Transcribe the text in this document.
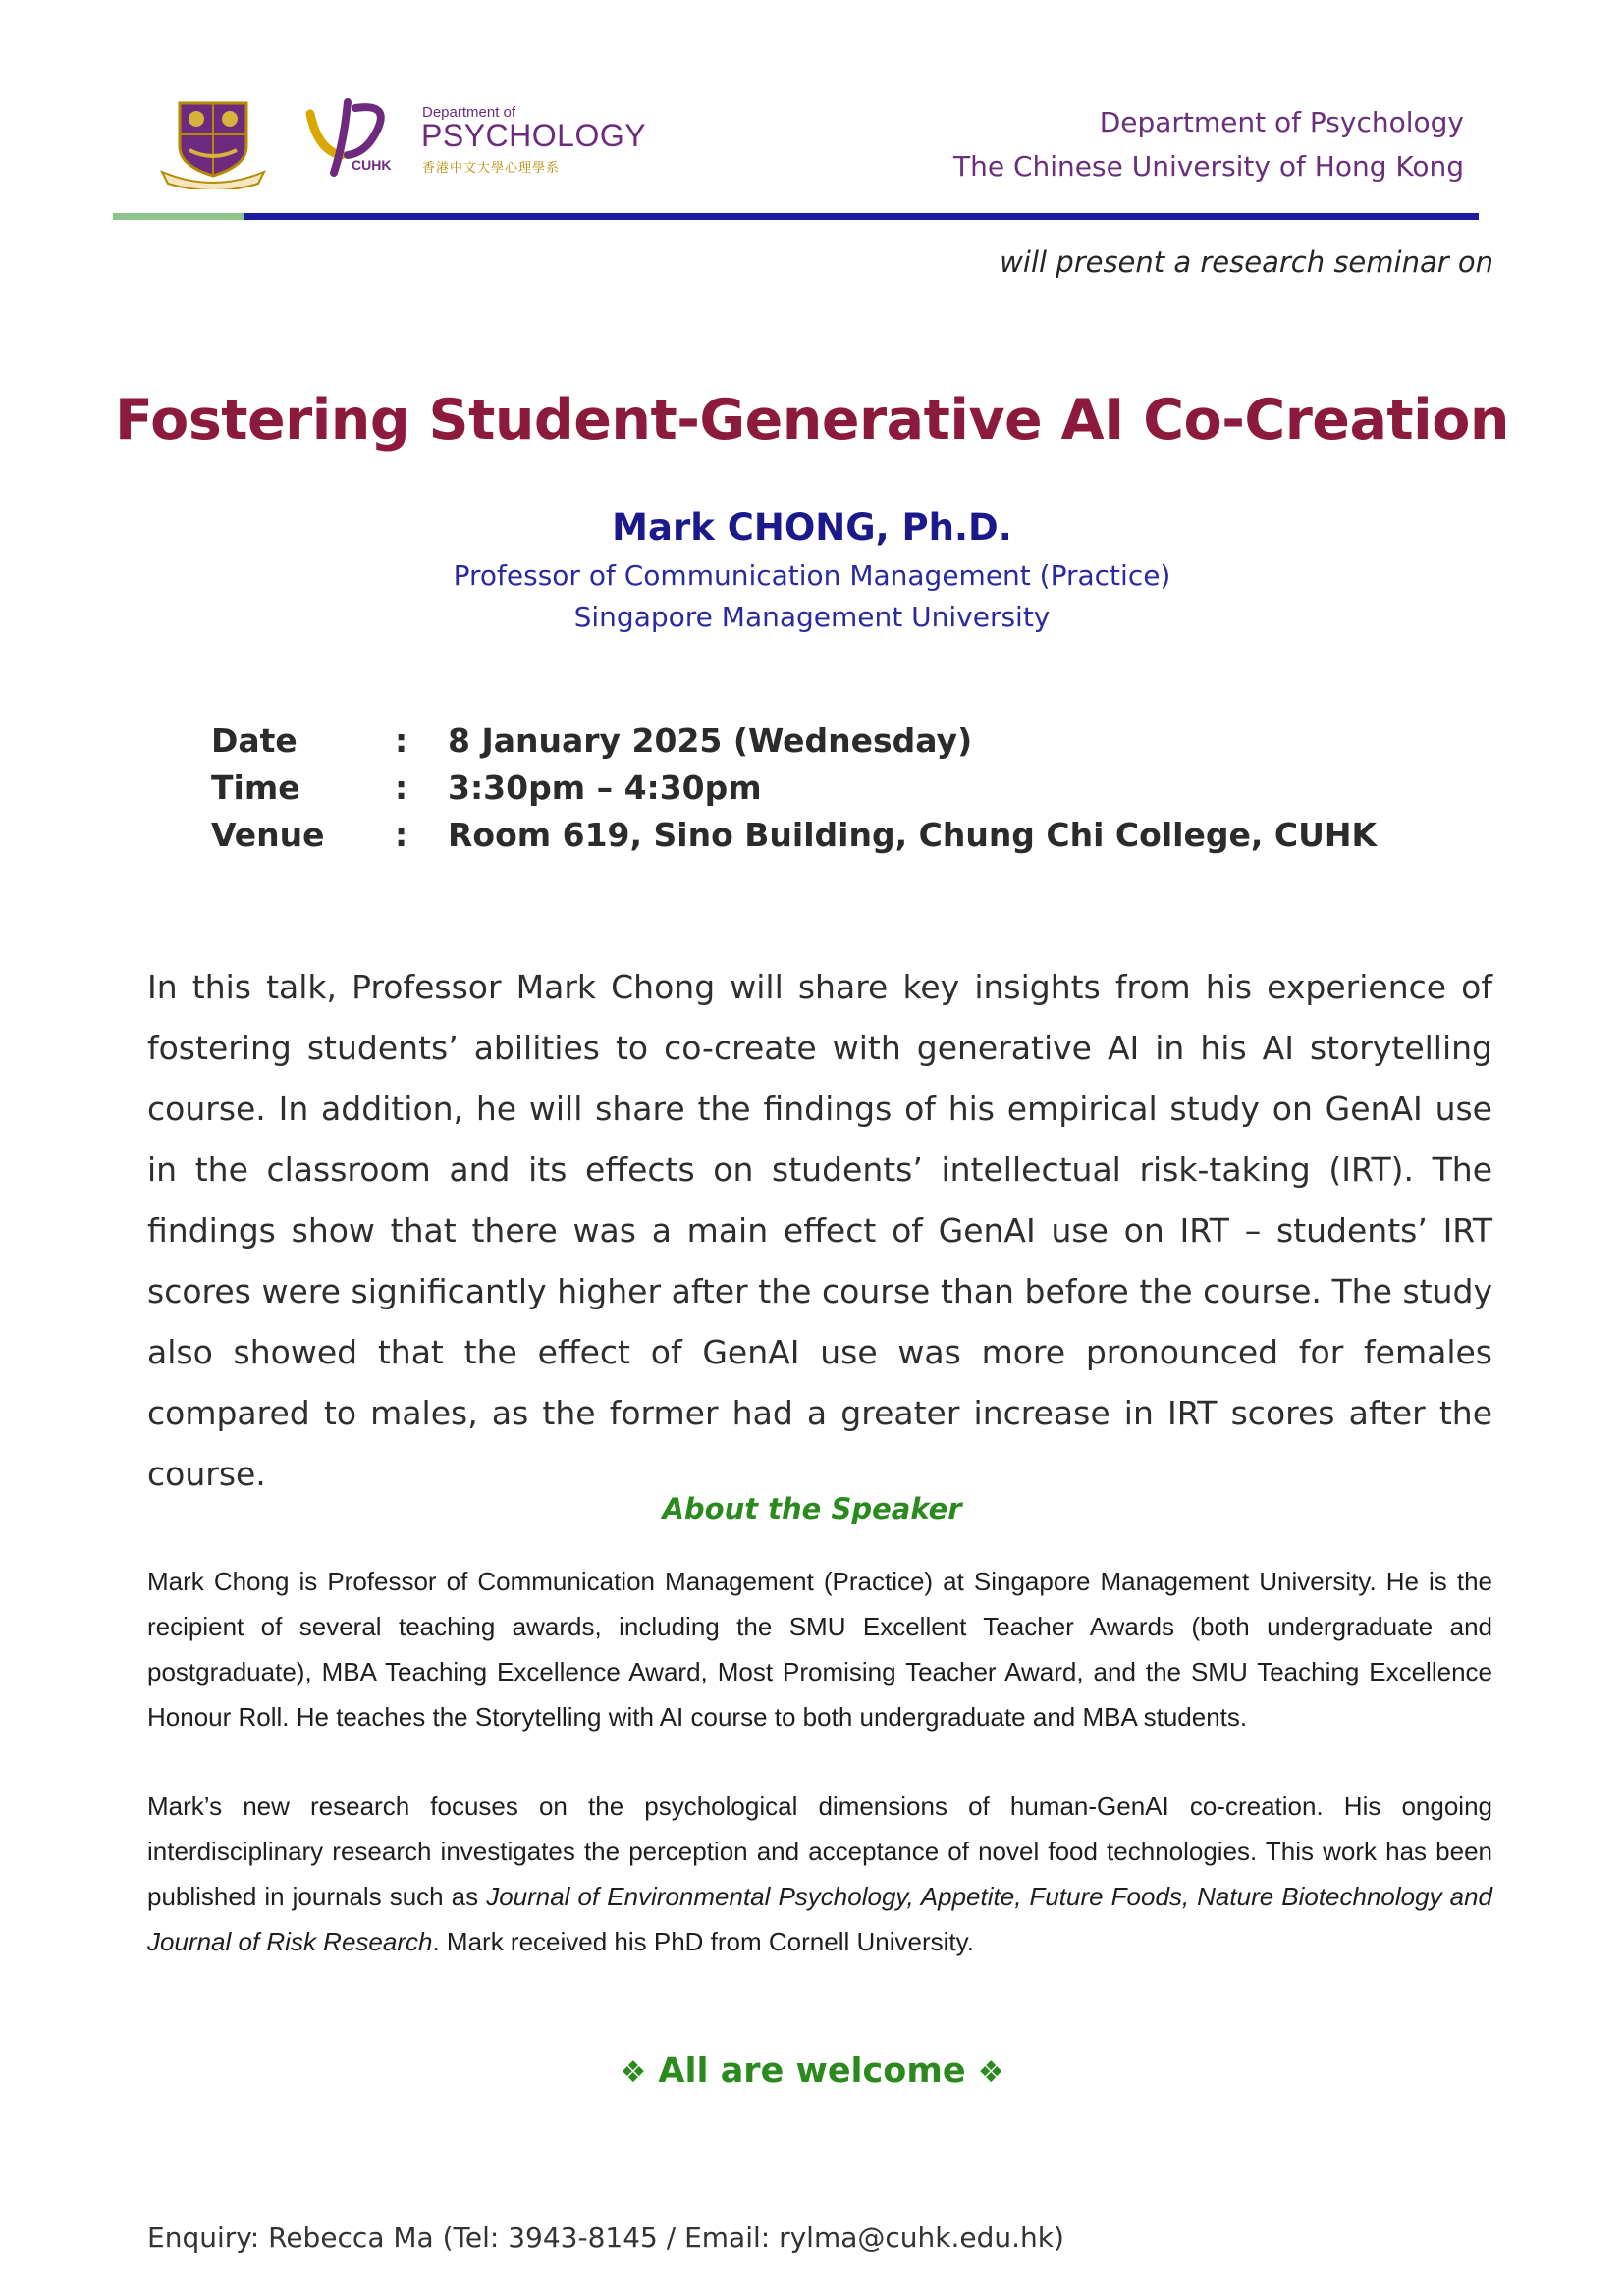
Department of
PSYCHOLOGY
CUHK 香港中文大學心理學系
Department of Psychology
The Chinese University of Hong Kong
will present a research seminar on
Fostering Student-Generative AI Co-Creation
Mark CHONG, Ph.D.
Professor of Communication Management (Practice)
Singapore Management University
Date	: 8 January 2025 (Wednesday)
Time	: 3:30pm – 4:30pm
Venue : Room 619, Sino Building, Chung Chi College, CUHK

In this talk, Professor Mark Chong will share key insights from his experience of fostering students’ abilities to co-create with generative AI in his AI storytelling course. In addition, he will share the findings of his empirical study on GenAI use in the classroom and its effects on students’ intellectual risk-taking (IRT). The findings show that there was a main effect of GenAI use on IRT – students’ IRT scores were significantly higher after the course than before the course. The study also showed that the effect of GenAI use was more pronounced for females compared to males, as the former had a greater increase in IRT scores after the course.

About the Speaker

Mark Chong is Professor of Communication Management (Practice) at Singapore Management University. He is the recipient of several teaching awards, including the SMU Excellent Teacher Awards (both undergraduate and postgraduate), MBA Teaching Excellence Award, Most Promising Teacher Award, and the SMU Teaching Excellence Honour Roll. He teaches the Storytelling with AI course to both undergraduate and MBA students.

Mark’s new research focuses on the psychological dimensions of human-GenAI co-creation. His ongoing interdisciplinary research investigates the perception and acceptance of novel food technologies. This work has been published in journals such as Journal of Environmental Psychology, Appetite, Future Foods, Nature Biotechnology and Journal of Risk Research. Mark received his PhD from Cornell University.

❖ All are welcome ❖
Enquiry: Rebecca Ma (Tel: 3943-8145 / Email: rylma@cuhk.edu.hk)
